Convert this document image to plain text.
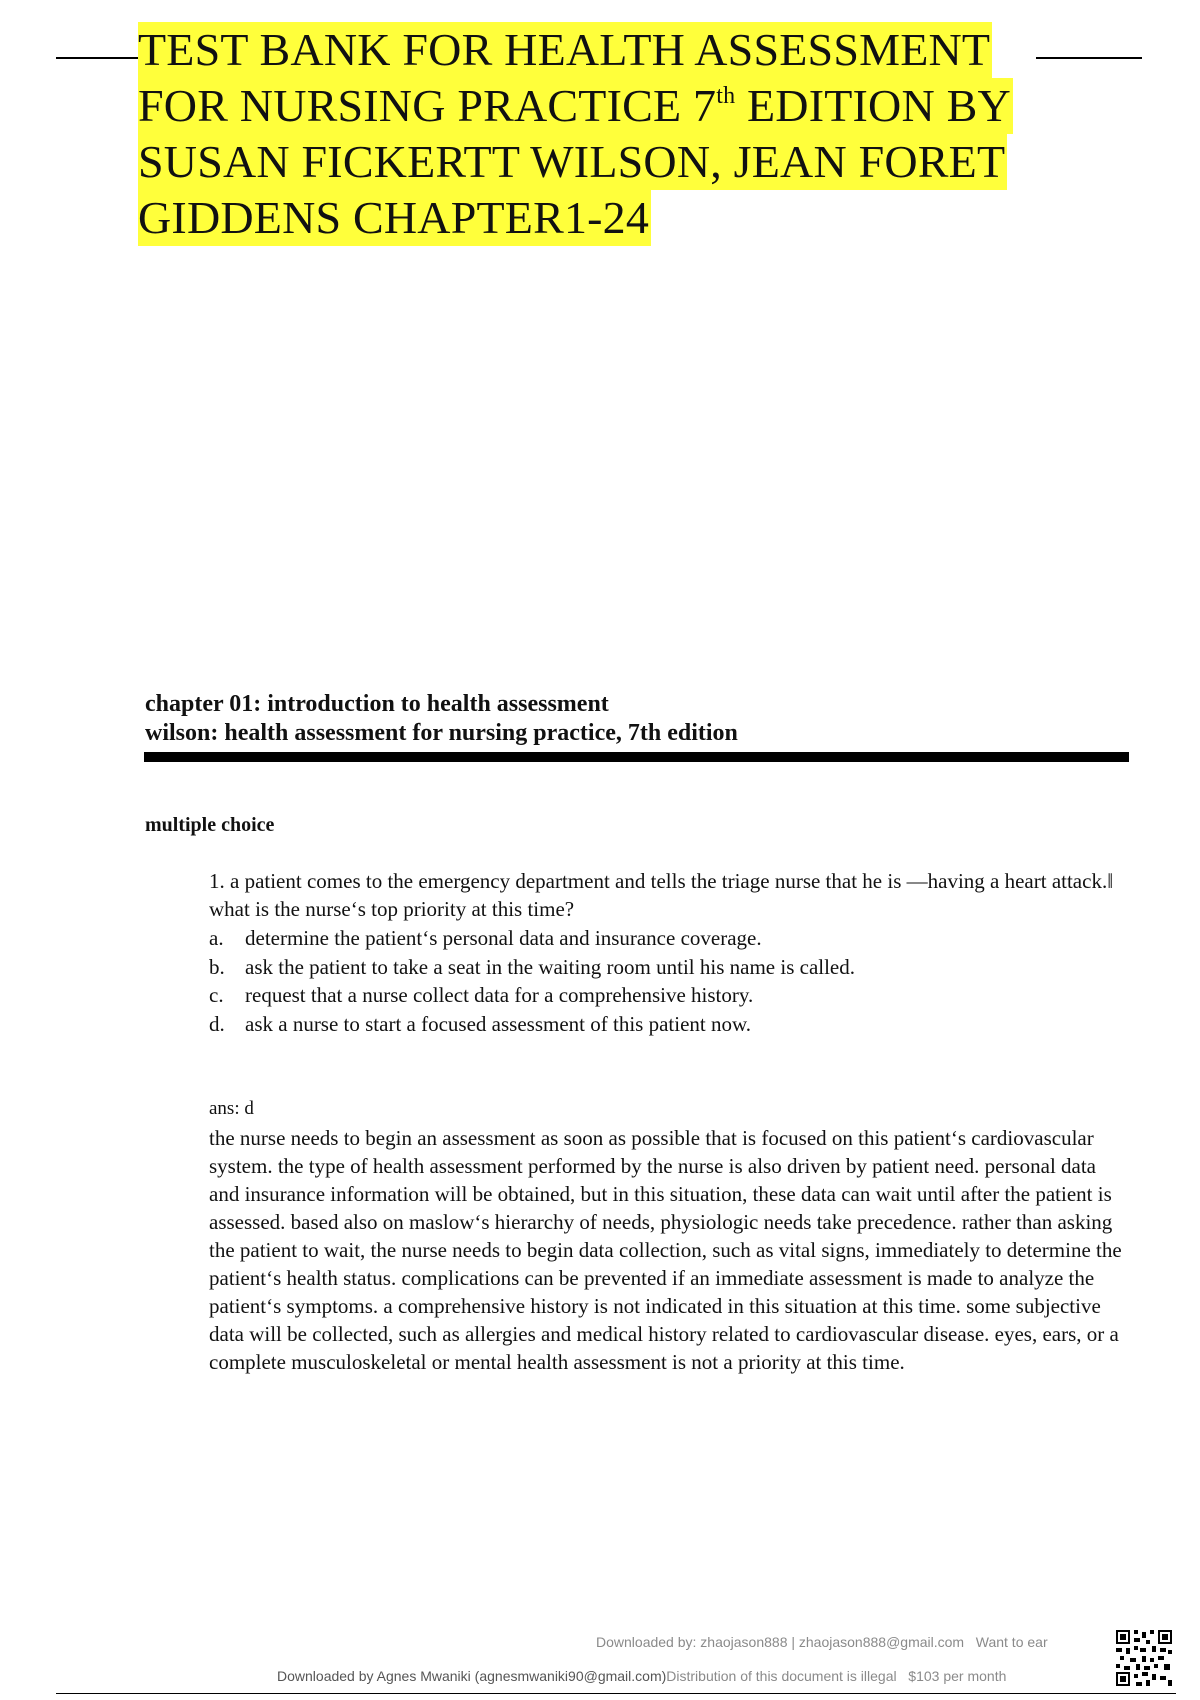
TEST BANK FOR HEALTH ASSESSMENT
FOR NURSING PRACTICE 7th EDITION BY
SUSAN FICKERTT WILSON, JEAN FORET
GIDDENS CHAPTER1-24
chapter 01: introduction to health assessment
wilson: health assessment for nursing practice, 7th edition
multiple choice
1. a patient comes to the emergency department and tells the triage nurse that he is ―having a heart attack.‖ what is the nurse‘s top priority at this time?
a.	determine the patient‘s personal data and insurance coverage.
b. ask the patient to take a seat in the waiting room until his name is called.
c.	request that a nurse collect data for a comprehensive history.
d. ask a nurse to start a focused assessment of this patient now.
ans: d
the nurse needs to begin an assessment as soon as possible that is focused on this patient‘s cardiovascular system. the type of health assessment performed by the nurse is also driven by patient need. personal data and insurance information will be obtained, but in this situation, these data can wait until after the patient is assessed. based also on maslow‘s hierarchy of needs, physiologic needs take precedence. rather than asking the patient to wait, the nurse needs to begin data collection, such as vital signs, immediately to determine the patient‘s health status. complications can be prevented if an immediate assessment is made to analyze the patient‘s symptoms. a comprehensive history is not indicated in this situation at this time. some subjective data will be collected, such as allergies and medical history related to cardiovascular disease. eyes, ears, or a complete musculoskeletal or mental health assessment is not a priority at this time.
Downloaded by: zhaojason888 | zhaojason888@gmail.com Want to ear
Downloaded by Agnes Mwaniki (agnesmwaniki90@gmail.com)Distribution of this document is illegal $103 per month
